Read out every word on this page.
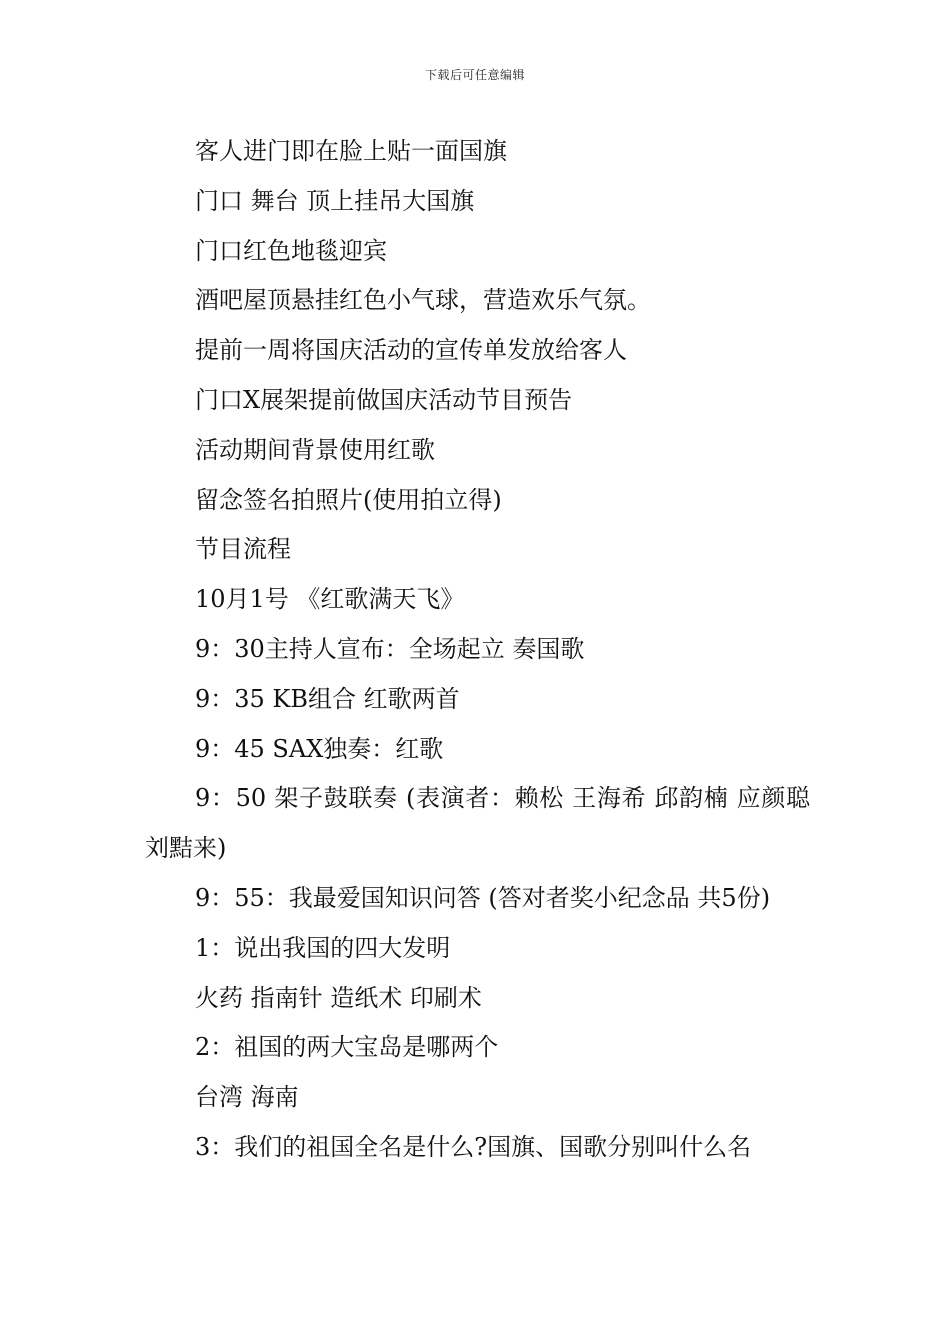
下载后可任意编辑
客人进门即在脸上贴一面国旗
门口 舞台 顶上挂吊大国旗
门口红色地毯迎宾
酒吧屋顶悬挂红色小气球，营造欢乐气氛。
提前一周将国庆活动的宣传单发放给客人
门口X展架提前做国庆活动节目预告
活动期间背景使用红歌
留念签名拍照片(使用拍立得)
节目流程
10月1号 《红歌满天飞》
9：30主持人宣布：全场起立 奏国歌
9：35 KB组合 红歌两首
9：45 SAX独奏：红歌
9：50 架子鼓联奏 (表演者：赖松 王海希 邱韵楠 应颜聪 刘黠来)
9：55：我最爱国知识问答 (答对者奖小纪念品 共5份)
1：说出我国的四大发明
火药 指南针 造纸术 印刷术
2：祖国的两大宝岛是哪两个
台湾 海南
3：我们的祖国全名是什么?国旗、国歌分别叫什么名
